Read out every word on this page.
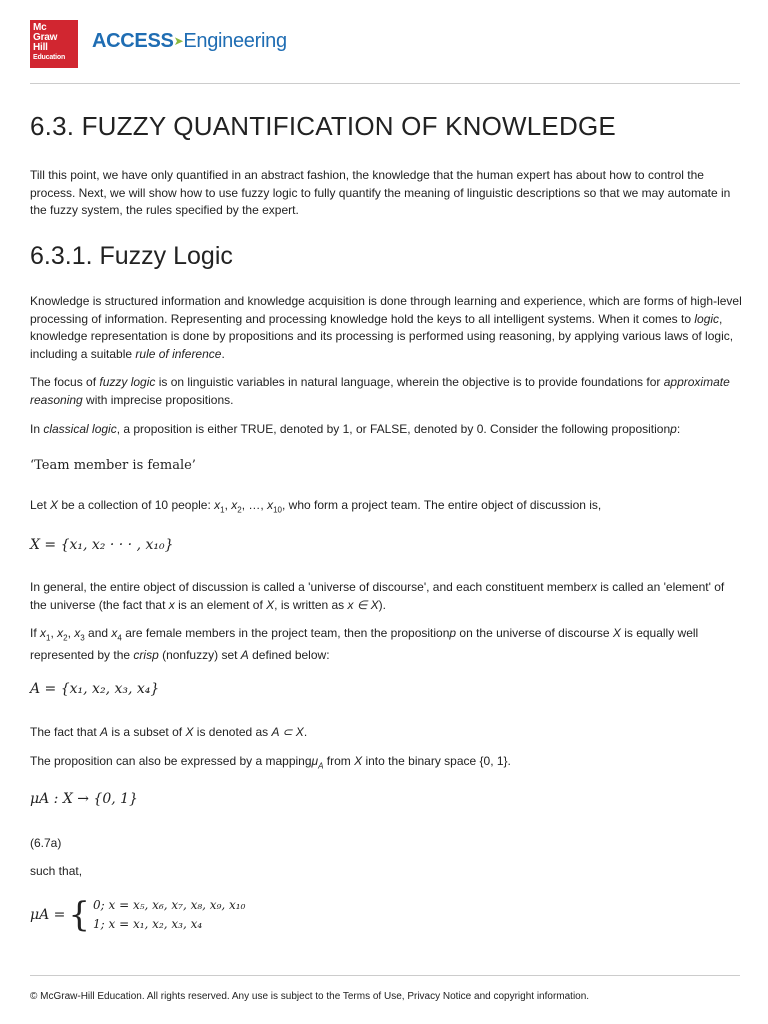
Mc
Graw
Hill
Education
ACCESS➤Engineering
6.3. FUZZY QUANTIFICATION OF KNOWLEDGE

Till this point, we have only quantified in an abstract fashion, the knowledge that the human expert has about how to control the process. Next, we will show how to use fuzzy logic to fully quantify the meaning of linguistic descriptions so that we may automate in the fuzzy system, the rules specified by the expert.

6.3.1. Fuzzy Logic

Knowledge is structured information and knowledge acquisition is done through learning and experience, which are forms of high-level processing of information. Representing and processing knowledge hold the keys to all intelligent systems. When it comes to logic, knowledge representation is done by propositions and its processing is performed using reasoning, by applying various laws of logic, including a suitable rule of inference.

The focus of fuzzy logic is on linguistic variables in natural language, wherein the objective is to provide foundations for approximate reasoning with imprecise propositions.

In classical logic, a proposition is either TRUE, denoted by 1, or FALSE, denoted by 0. Consider the following propositionp:

‘Team member is female’

Let X be a collection of 10 people: $x_1$, $x_2$, …, $x_{10}$, who form a project team. The entire object of discussion is,

X = {x₁, x₂ · · · , x₁₀}

In general, the entire object of discussion is called a 'universe of discourse', and each constituent memberx is called an 'element' of the universe (the fact that x is an element of X, is written as x ∈ X).

If $x_1$, $x_2$, $x_3$ and $x_4$ are female members in the project team, then the propositionp on the universe of discourse X is equally well represented by the crisp (nonfuzzy) set A defined below:

A = {x₁, x₂, x₃, x₄}

The fact that A is a subset of X is denoted as A ⊂ X.

The proposition can also be expressed by a mappingμ$_A$ from X into the binary space {0, 1}.

μA : X → {0, 1}

(6.7a)

such that,

μA = { 0; x = x₅, x₆, x₇, x₈, x₉, x₁₀
1; x = x₁, x₂, x₃, x₄
© McGraw-Hill Education. All rights reserved. Any use is subject to the Terms of Use, Privacy Notice and copyright information.
